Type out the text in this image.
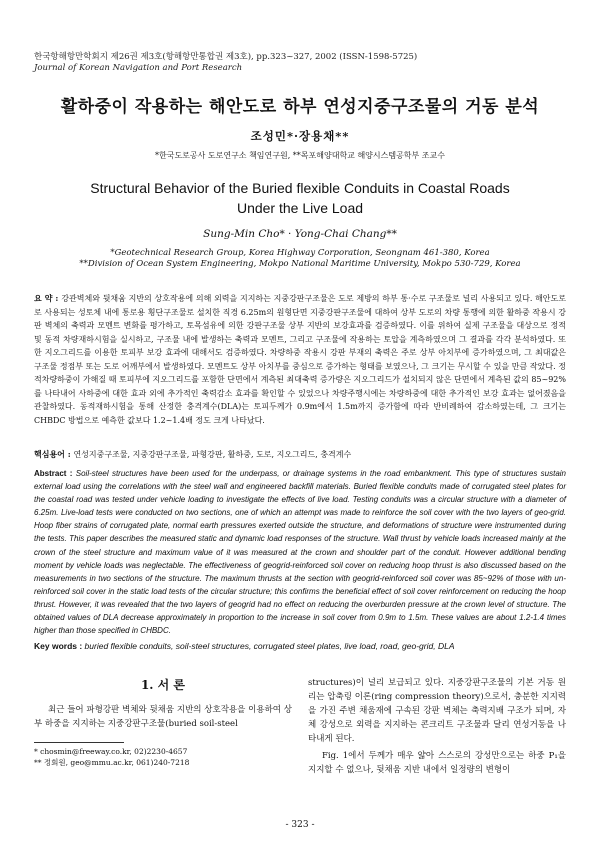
한국항해항만학회지 제26권 제3호(항해항만통합권 제3호), pp.323~327, 2002 (ISSN-1598-5725)
Journal of Korean Navigation and Port Research
활하중이 작용하는 해안도로 하부 연성지중구조물의 거동 분석
조성민*·장용채**
*한국도로공사 도로연구소 책임연구원, **목포해양대학교 해양시스템공학부 조교수
Structural Behavior of the Buried flexible Conduits in Coastal Roads
Under the Live Load
Sung-Min Cho* · Yong-Chai Chang**
*Geotechnical Research Group, Korea Highway Corporation, Seongnam 461-380, Korea
**Division of Ocean System Engineering, Mokpo National Maritime University, Mokpo 530-729, Korea
요 약 : 강관벽체와 뒷채움 지반의 상호작용에 의해 외력을 지지하는 지중강판구조물은 도로 제방의 하부 통·수로 구조물로 널리 사용되고 있다. 해안도로로 사용되는 성토체 내에 통로용 횡단구조물로 설치한 직경 6.25m의 원형단면 지중강판구조물에 대하여 상부 도로의 차량 통행에 의한 활하중 작용시 강판 벽체의 축력과 모멘트 변화를 평가하고, 토목섬유에 의한 강판구조물 상부 지반의 보강효과를 검증하였다. 이를 위하여 실제 구조물을 대상으로 정적 및 동적 차량재하시험을 실시하고, 구조물 내에 발생하는 축력과 모멘트, 그리고 구조물에 작용하는 토압을 계측하였으며 그 결과를 각각 분석하였다. 또한 지오그리드를 이용한 토피부 보강 효과에 대해서도 검증하였다. 차량하중 작용시 강판 부재의 축력은 주로 상부 아치부에 증가하였으며, 그 최대값은 구조물 정점부 또는 도로 어깨부에서 발생하였다. 모멘트도 상부 아치부를 중심으로 증가하는 형태를 보였으나, 그 크기는 무시할 수 있을 만큼 작았다. 정적차량하중이 가해질 때 토피부에 지오그리드를 포함한 단면에서 계측된 최대축력 증가량은 지오그리드가 설치되지 않은 단면에서 계측된 값의 85~92%를 나타내어 사하중에 대한 효과 외에 추가적인 축력감소 효과를 확인할 수 있었으나 차량주행시에는 차량하중에 대한 추가적인 보강 효과는 없어졌음을 관찰하였다. 동적재하시험을 통해 산정한 충격계수(DLA)는 토피두께가 0.9m에서 1.5m까지 증가함에 따라 반비례하여 감소하였는데, 그 크기는 CHBDC 방법으로 예측한 값보다 1.2~1.4배 정도 크게 나타났다.
핵심용어 : 연성지중구조물, 지중강판구조물, 파형강판, 활하중, 도로, 지오그리드, 충격계수
Abstract : Soil-steel structures have been used for the underpass, or drainage systems in the road embankment. This type of structures sustain external load using the correlations with the steel wall and engineered backfill materials. Buried flexible conduits made of corrugated steel plates for the coastal road was tested under vehicle loading to investigate the effects of live load. Testing conduits was a circular structure with a diameter of 6.25m. Live-load tests were conducted on two sections, one of which an attempt was made to reinforce the soil cover with the two layers of geo-grid. Hoop fiber strains of corrugated plate, normal earth pressures exerted outside the structure, and deformations of structure were instrumented during the tests. This paper describes the measured static and dynamic load responses of the structure. Wall thrust by vehicle loads increased mainly at the crown of the steel structure and maximum value of it was measured at the crown and shoulder part of the conduit. However additional bending moment by vehicle loads was neglectable. The effectiveness of geogrid-reinforced soil cover on reducing hoop thrust is also discussed based on the measurements in two sections of the structure. The maximum thrusts at the section with geogrid-reinforced soil cover was 85~92% of those with un-reinforced soil cover in the static load tests of the circular structure; this confirms the beneficial effect of soil cover reinforcement on reducing the hoop thrust. However, it was revealed that the two layers of geogrid had no effect on reducing the overburden pressure at the crown level of structure. The obtained values of DLA decrease approximately in proportion to the increase in soil cover from 0.9m to 1.5m. These values are about 1.2-1.4 times higher than those specified in CHBDC.
Key words : buried flexible conduits, soil-steel structures, corrugated steel plates, live load, road, geo-grid, DLA
1. 서 론
최근 들어 파형강판 벽체와 뒷채움 지반의 상호작용을 이용하여 상부 하중을 지지하는 지중강판구조물(buried soil-steel
* chosmin@freeway.co.kr, 02)2230-4657
** 정회원, geo@mmu.ac.kr, 061)240-7218
structures)이 널리 보급되고 있다. 지중강판구조물의 기본 거동 원리는 압축링 이론(ring compression theory)으로서, 충분한 지지력을 가진 주변 채움재에 구속된 강판 벽체는 축력지배 구조가 되며, 자체 강성으로 외력을 지지하는 콘크리트 구조물과 달리 연성거동을 나타내게 된다.
Fig. 1에서 두께가 매우 얇아 스스로의 강성만으로는 하중 P₁을 지지할 수 없으나, 뒷채움 지반 내에서 일정량의 변형이
- 323 -
